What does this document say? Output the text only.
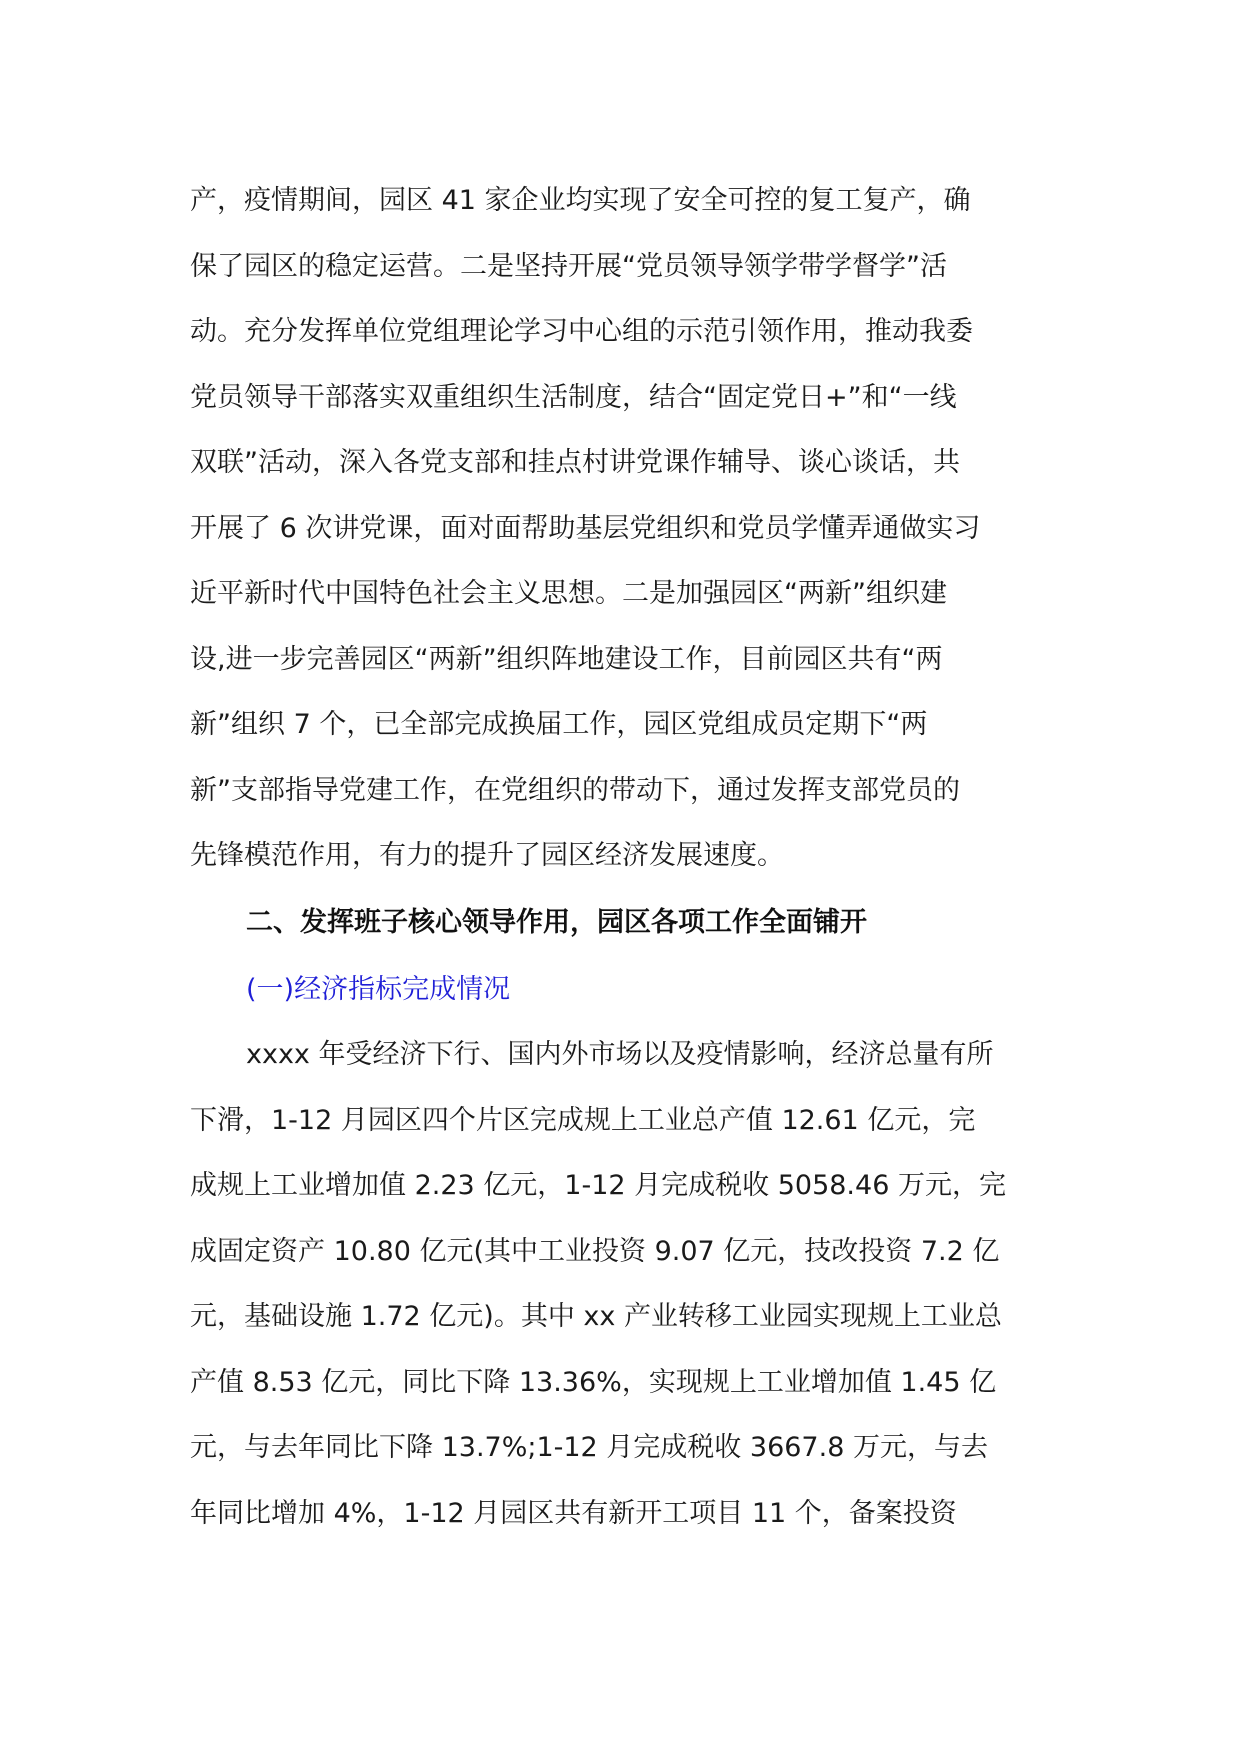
产，疫情期间，园区 41 家企业均实现了安全可控的复工复产，确
保了园区的稳定运营。二是坚持开展“党员领导领学带学督学”活
动。充分发挥单位党组理论学习中心组的示范引领作用，推动我委
党员领导干部落实双重组织生活制度，结合“固定党日+”和“一线
双联”活动，深入各党支部和挂点村讲党课作辅导、谈心谈话，共
开展了 6 次讲党课，面对面帮助基层党组织和党员学懂弄通做实习
近平新时代中国特色社会主义思想。二是加强园区“两新”组织建
设,进一步完善园区“两新”组织阵地建设工作，目前园区共有“两
新”组织 7 个，已全部完成换届工作，园区党组成员定期下“两
新”支部指导党建工作，在党组织的带动下，通过发挥支部党员的
先锋模范作用，有力的提升了园区经济发展速度。
二、发挥班子核心领导作用，园区各项工作全面铺开
(一)经济指标完成情况
xxxx 年受经济下行、国内外市场以及疫情影响，经济总量有所
下滑，1-12 月园区四个片区完成规上工业总产值 12.61 亿元，完
成规上工业增加值 2.23 亿元，1-12 月完成税收 5058.46 万元，完
成固定资产 10.80 亿元(其中工业投资 9.07 亿元，技改投资 7.2 亿
元，基础设施 1.72 亿元)。其中 xx 产业转移工业园实现规上工业总
产值 8.53 亿元，同比下降 13.36%，实现规上工业增加值 1.45 亿
元，与去年同比下降 13.7%;1-12 月完成税收 3667.8 万元，与去
年同比增加 4%，1-12 月园区共有新开工项目 11 个，备案投资
